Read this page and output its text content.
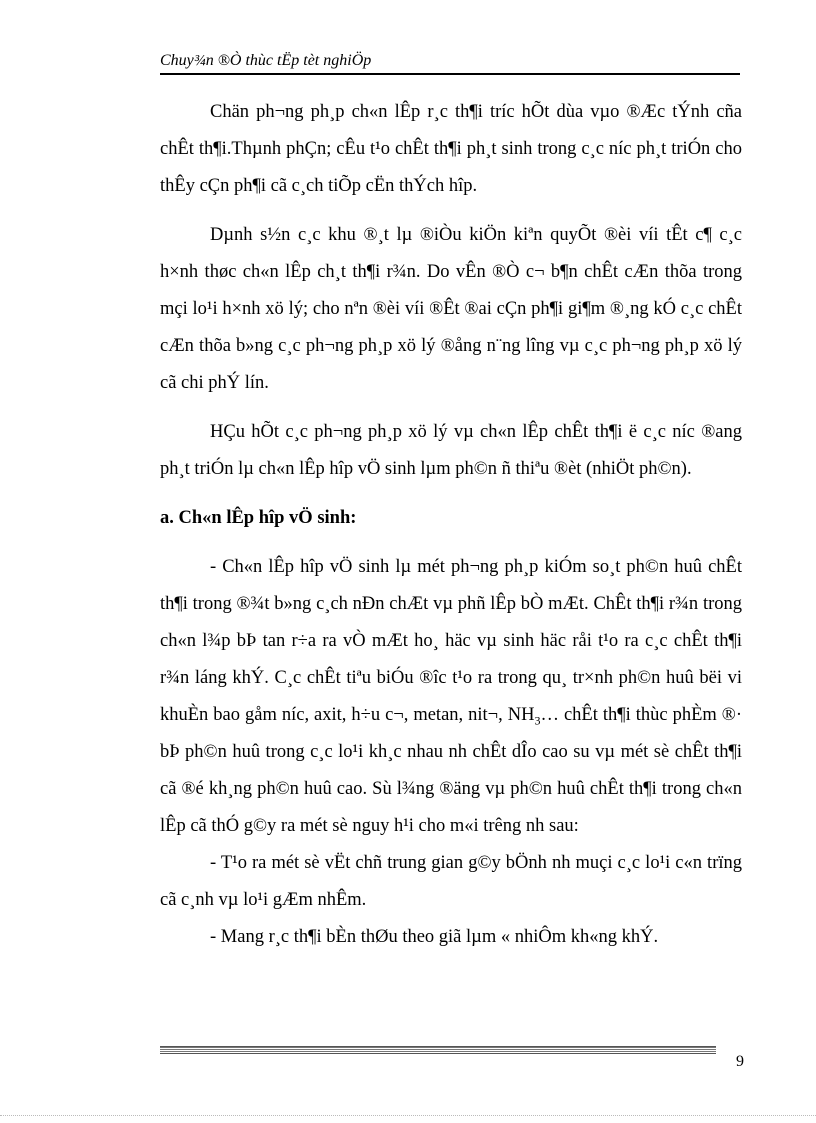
Chuy¾n ®Ò thùc tËp tèt nghiÖp

Chän ph¬ng ph¸p ch«n lÊp r¸c th¶i tríc hÕt dùa vµo ®Æc tÝnh cña chÊt th¶i.Thµnh phÇn; cÊu t¹o chÊt th¶i ph¸t sinh trong c¸c níc ph¸t triÓn cho thÊy cÇn ph¶i cã c¸ch tiÕp cËn thÝch hîp.

Dµnh s½n c¸c khu ®¸t lµ ®iÒu kiÖn kiªn quyÕt ®èi víi tÊt c¶ c¸c h×nh thøc ch«n lÊp ch¸t th¶i r¾n. Do vÊn ®Ò c¬ b¶n chÊt cÆn thõa trong mçi lo¹i h×nh xö lý; cho nªn ®èi víi ®Êt ®ai cÇn ph¶i gi¶m ®¸ng kÓ c¸c chÊt cÆn thõa b»ng c¸c ph¬ng ph¸p xö lý ®ång n¨ng lîng vµ c¸c ph¬ng ph¸p xö lý cã chi phÝ lín.

HÇu hÕt c¸c ph¬ng ph¸p xö lý vµ ch«n lÊp chÊt th¶i ë c¸c níc ®ang ph¸t triÓn lµ ch«n lÊp hîp vÖ sinh lµm ph©n ñ thiªu ®èt (nhiÖt ph©n).

a. Ch«n lÊp hîp vÖ sinh:

- Ch«n lÊp hîp vÖ sinh lµ mét ph¬ng ph¸p kiÓm so¸t ph©n huû chÊt th¶i trong ®¾t b»ng c¸ch nÐn chÆt vµ phñ lÊp bÒ mÆt. ChÊt th¶i r¾n trong ch«n l¾p bÞ tan r÷a ra vÒ mÆt ho¸ häc vµ sinh häc råi t¹o ra c¸c chÊt th¶i r¾n láng khÝ. C¸c chÊt tiªu biÓu ®îc t¹o ra trong qu¸ tr×nh ph©n huû bëi vi khuÈn bao gåm níc, axit, h÷u c¬, metan, nit¬, $NH_3\dots$ chÊt th¶i thùc phÈm ®· bÞ ph©n huû trong c¸c lo¹i kh¸c nhau nh chÊt dÎo cao su vµ mét sè chÊt th¶i cã ®é kh¸ng ph©n huû cao. Sù l¾ng ®äng vµ ph©n huû chÊt th¶i trong ch«n lÊp cã thÓ g©y ra mét sè nguy h¹i cho m«i trêng nh sau:

- T¹o ra mét sè vËt chñ trung gian g©y bÖnh nh muçi c¸c lo¹i c«n trïng cã c¸nh vµ lo¹i gÆm nhÊm.

- Mang r¸c th¶i bÈn thØu theo giã lµm « nhiÔm kh«ng khÝ.

9
